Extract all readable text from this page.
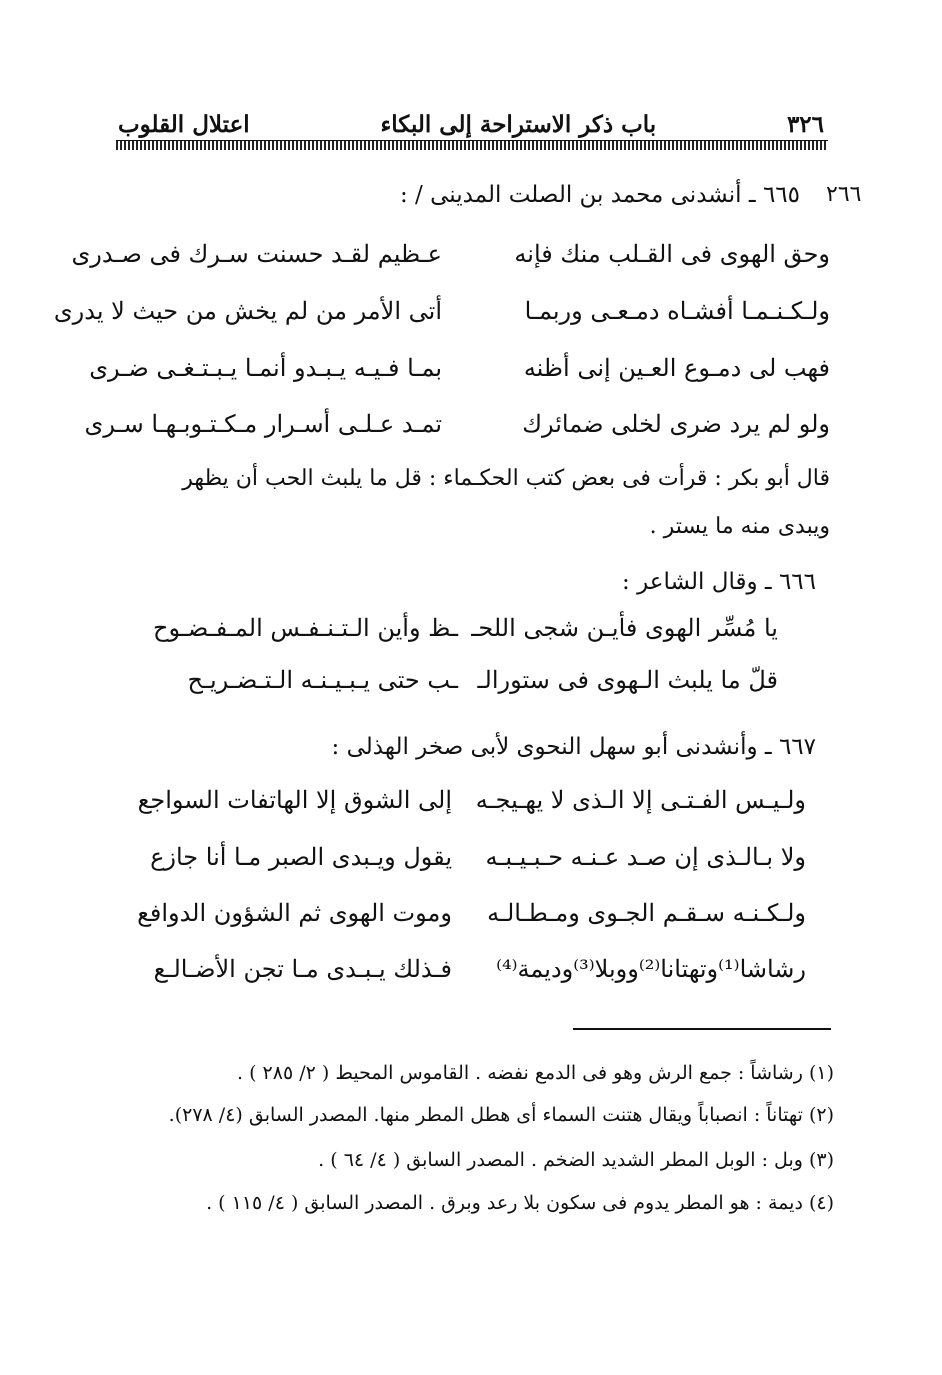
٣٢٦
باب ذكر الاستراحة إلى البكاء
اعتلال القلوب
٢٦٦
٦٦٥ ـ أنشدنى محمد بن الصلت المدينى / :
وحق الهوى فى القـلب منك فإنه
عـظيم لقـد حسنت سـرك فى صـدرى
ولـكـنـمـا أفشـاه دمـعـى وربمـا
أتى الأمر من لم يخش من حيث لا يدرى
فهب لى دمـوع العـين إنى أظنه
بمـا فـيـه يـبـدو أنمـا يـبـتـغـى ضـرى
ولو لم يرد ضرى لخلى ضمائرك
تمـد عـلـى أسـرار مـكـتـوبـهـا سـرى
قال أبو بكر : قرأت فى بعض كتب الحكـماء : قل ما يلبث الحب أن يظهر
ويبدى منه ما يستر .
٦٦٦ ـ وقال الشاعر :
يا مُسِّر الهوى فأيـن شجى اللحـ
ـظ وأين الـتـنـفـس المـفـضـوح
قلّ ما يلبث الـهوى فى ستورالـ
ـب حتى يـبـيـنـه الـتـضـريـح
٦٦٧ ـ وأنشدنى أبو سهل النحوى لأبى صخر الهذلى :
ولـيـس الفـتـى إلا الـذى لا يهـيجـه
إلى الشوق إلا الهاتفات السواجع
ولا بـالـذى إن صـد عـنـه حـبـيـبـه
يقول ويـبدى الصبر مـا أنا جازع
ولـكـنـه سـقـم الجـوى ومـطـالـه
وموت الهوى ثم الشؤون الدوافع
رشاشا⁽¹⁾وتهتانا⁽²⁾ووبلا⁽³⁾وديمة⁽⁴⁾
فـذلك يـبـدى مـا تجن الأضـالـع
(١) رشاشاً : جمع الرش وهو فى الدمع نفضه . القاموس المحيط ( ٢/ ٢٨٥ ) .
(٢) تهتاناً : انصباباً ويقال هتنت السماء أى هطل المطر منها. المصدر السابق (٤/ ٢٧٨).
(٣) وبل : الوبل المطر الشديد الضخم . المصدر السابق ( ٤/ ٦٤ ) .
(٤) ديمة : هو المطر يدوم فى سكون بلا رعد وبرق . المصدر السابق ( ٤/ ١١٥ ) .
